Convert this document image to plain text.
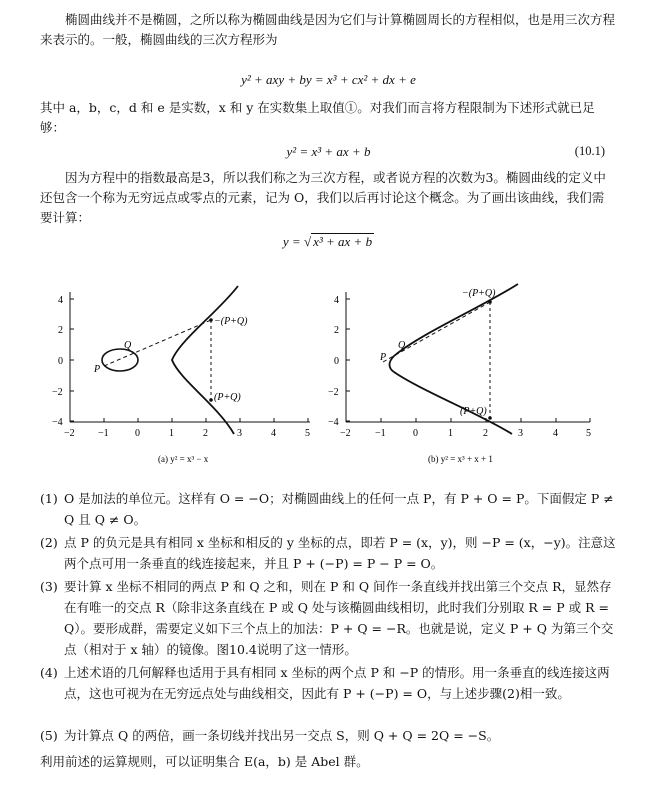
椭圆曲线并不是椭圆，之所以称为椭圆曲线是因为它们与计算椭圆周长的方程相似，也是用三次方程来表示的。一般，椭圆曲线的三次方程形为
y² + axy + by = x³ + cx² + dx + e
其中 a，b，c，d 和 e 是实数，x 和 y 在实数集上取值①。对我们而言将方程限制为下述形式就已足够：
y² = x³ + ax + b	(10.1)
因为方程中的指数最高是3，所以我们称之为三次方程，或者说方程的次数为3。椭圆曲线的定义中还包含一个称为无穷远点或零点的元素，记为 O，我们以后再讨论这个概念。为了画出该曲线，我们需要计算：
y = √ x³ + ax + b
−2 −1	0	1	2	3	4	5
4
2
0
−2
−4
P
Q
−(P+Q)
(P+Q)
(a) y² = x³ − x
−2 −1	0	1	2	3	4	5
4
2
0
−2
−4
P
Q
−(P+Q)
(P+Q)
(b) y² = x³ + x + 1
(1) O 是加法的单位元。这样有 O = −O；对椭圆曲线上的任何一点 P，有 P + O = P。下面假定 P ≠ Q 且 Q ≠ O。
(2) 点 P 的负元是具有相同 x 坐标和相反的 y 坐标的点，即若 P = (x，y)，则 −P = (x，−y)。注意这两个点可用一条垂直的线连接起来，并且 P + (−P) = P − P = O。
(3) 要计算 x 坐标不相同的两点 P 和 Q 之和，则在 P 和 Q 间作一条直线并找出第三个交点 R，显然存在有唯一的交点 R（除非这条直线在 P 或 Q 处与该椭圆曲线相切，此时我们分别取 R = P 或 R = Q）。要形成群，需要定义如下三个点上的加法：P + Q = −R。也就是说，定义 P + Q 为第三个交点（相对于 x 轴）的镜像。图10.4说明了这一情形。
(4) 上述术语的几何解释也适用于具有相同 x 坐标的两个点 P 和 −P 的情形。用一条垂直的线连接这两点，这也可视为在无穷远点处与曲线相交，因此有 P + (−P) = O，与上述步骤(2)相一致。
(5) 为计算点 Q 的两倍，画一条切线并找出另一交点 S，则 Q + Q = 2Q = −S。
利用前述的运算规则，可以证明集合 E(a，b) 是 Abel 群。
